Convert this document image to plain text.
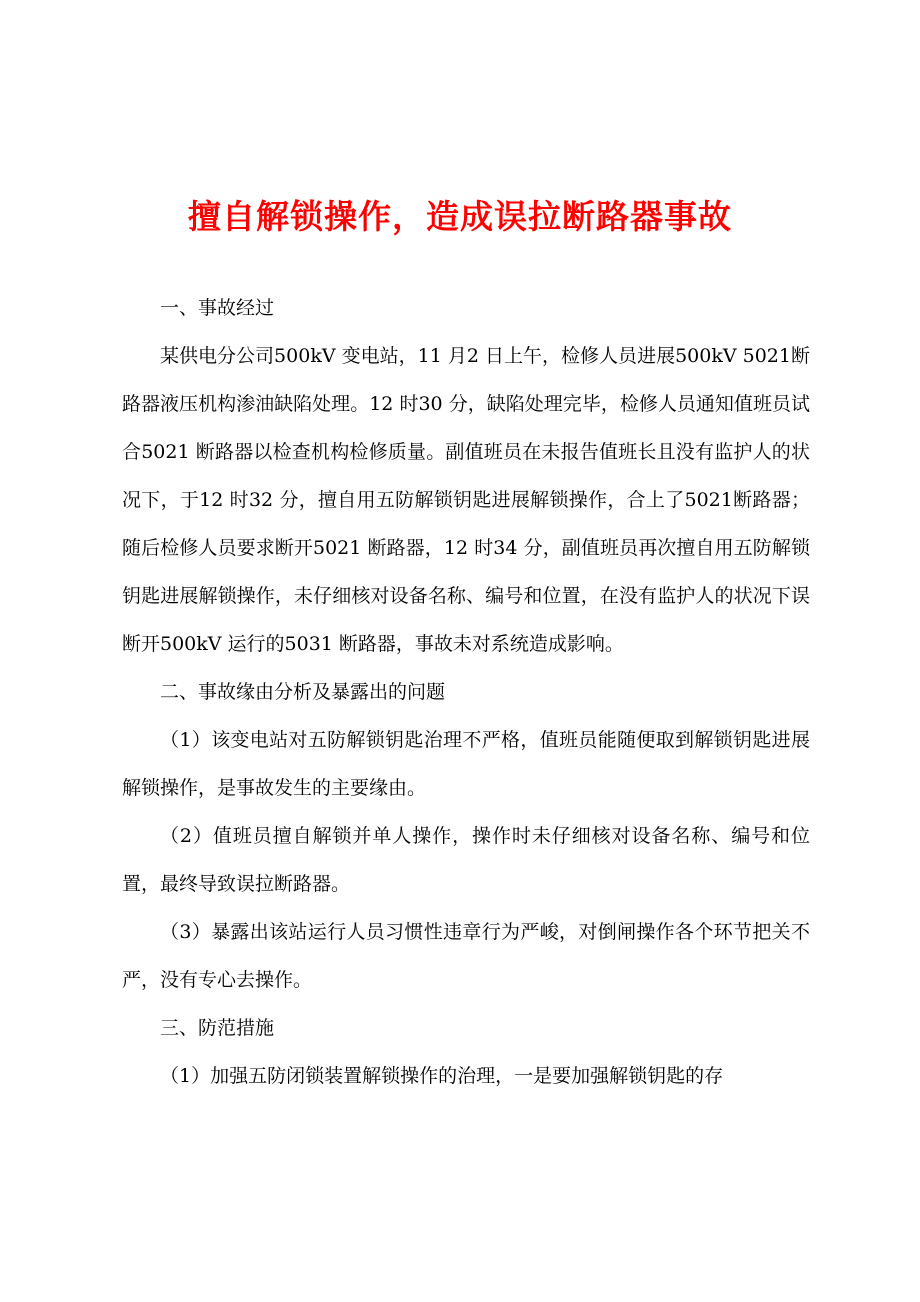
擅自解锁操作，造成误拉断路器事故

一、事故经过

某供电分公司500kV 变电站，11 月2 日上午，检修人员进展500kV 5021断路器液压机构渗油缺陷处理。12 时30 分，缺陷处理完毕，检修人员通知值班员试合5021 断路器以检查机构检修质量。副值班员在未报告值班长且没有监护人的状况下，于12 时32 分，擅自用五防解锁钥匙进展解锁操作，合上了5021断路器；随后检修人员要求断开5021 断路器，12 时34 分，副值班员再次擅自用五防解锁钥匙进展解锁操作，未仔细核对设备名称、编号和位置，在没有监护人的状况下误断开500kV 运行的5031 断路器，事故未对系统造成影响。

二、事故缘由分析及暴露出的问题

（1）该变电站对五防解锁钥匙治理不严格，值班员能随便取到解锁钥匙进展解锁操作，是事故发生的主要缘由。

（2）值班员擅自解锁并单人操作，操作时未仔细核对设备名称、编号和位置，最终导致误拉断路器。

（3）暴露出该站运行人员习惯性违章行为严峻，对倒闸操作各个环节把关不严，没有专心去操作。

三、防范措施

（1）加强五防闭锁装置解锁操作的治理，一是要加强解锁钥匙的存
